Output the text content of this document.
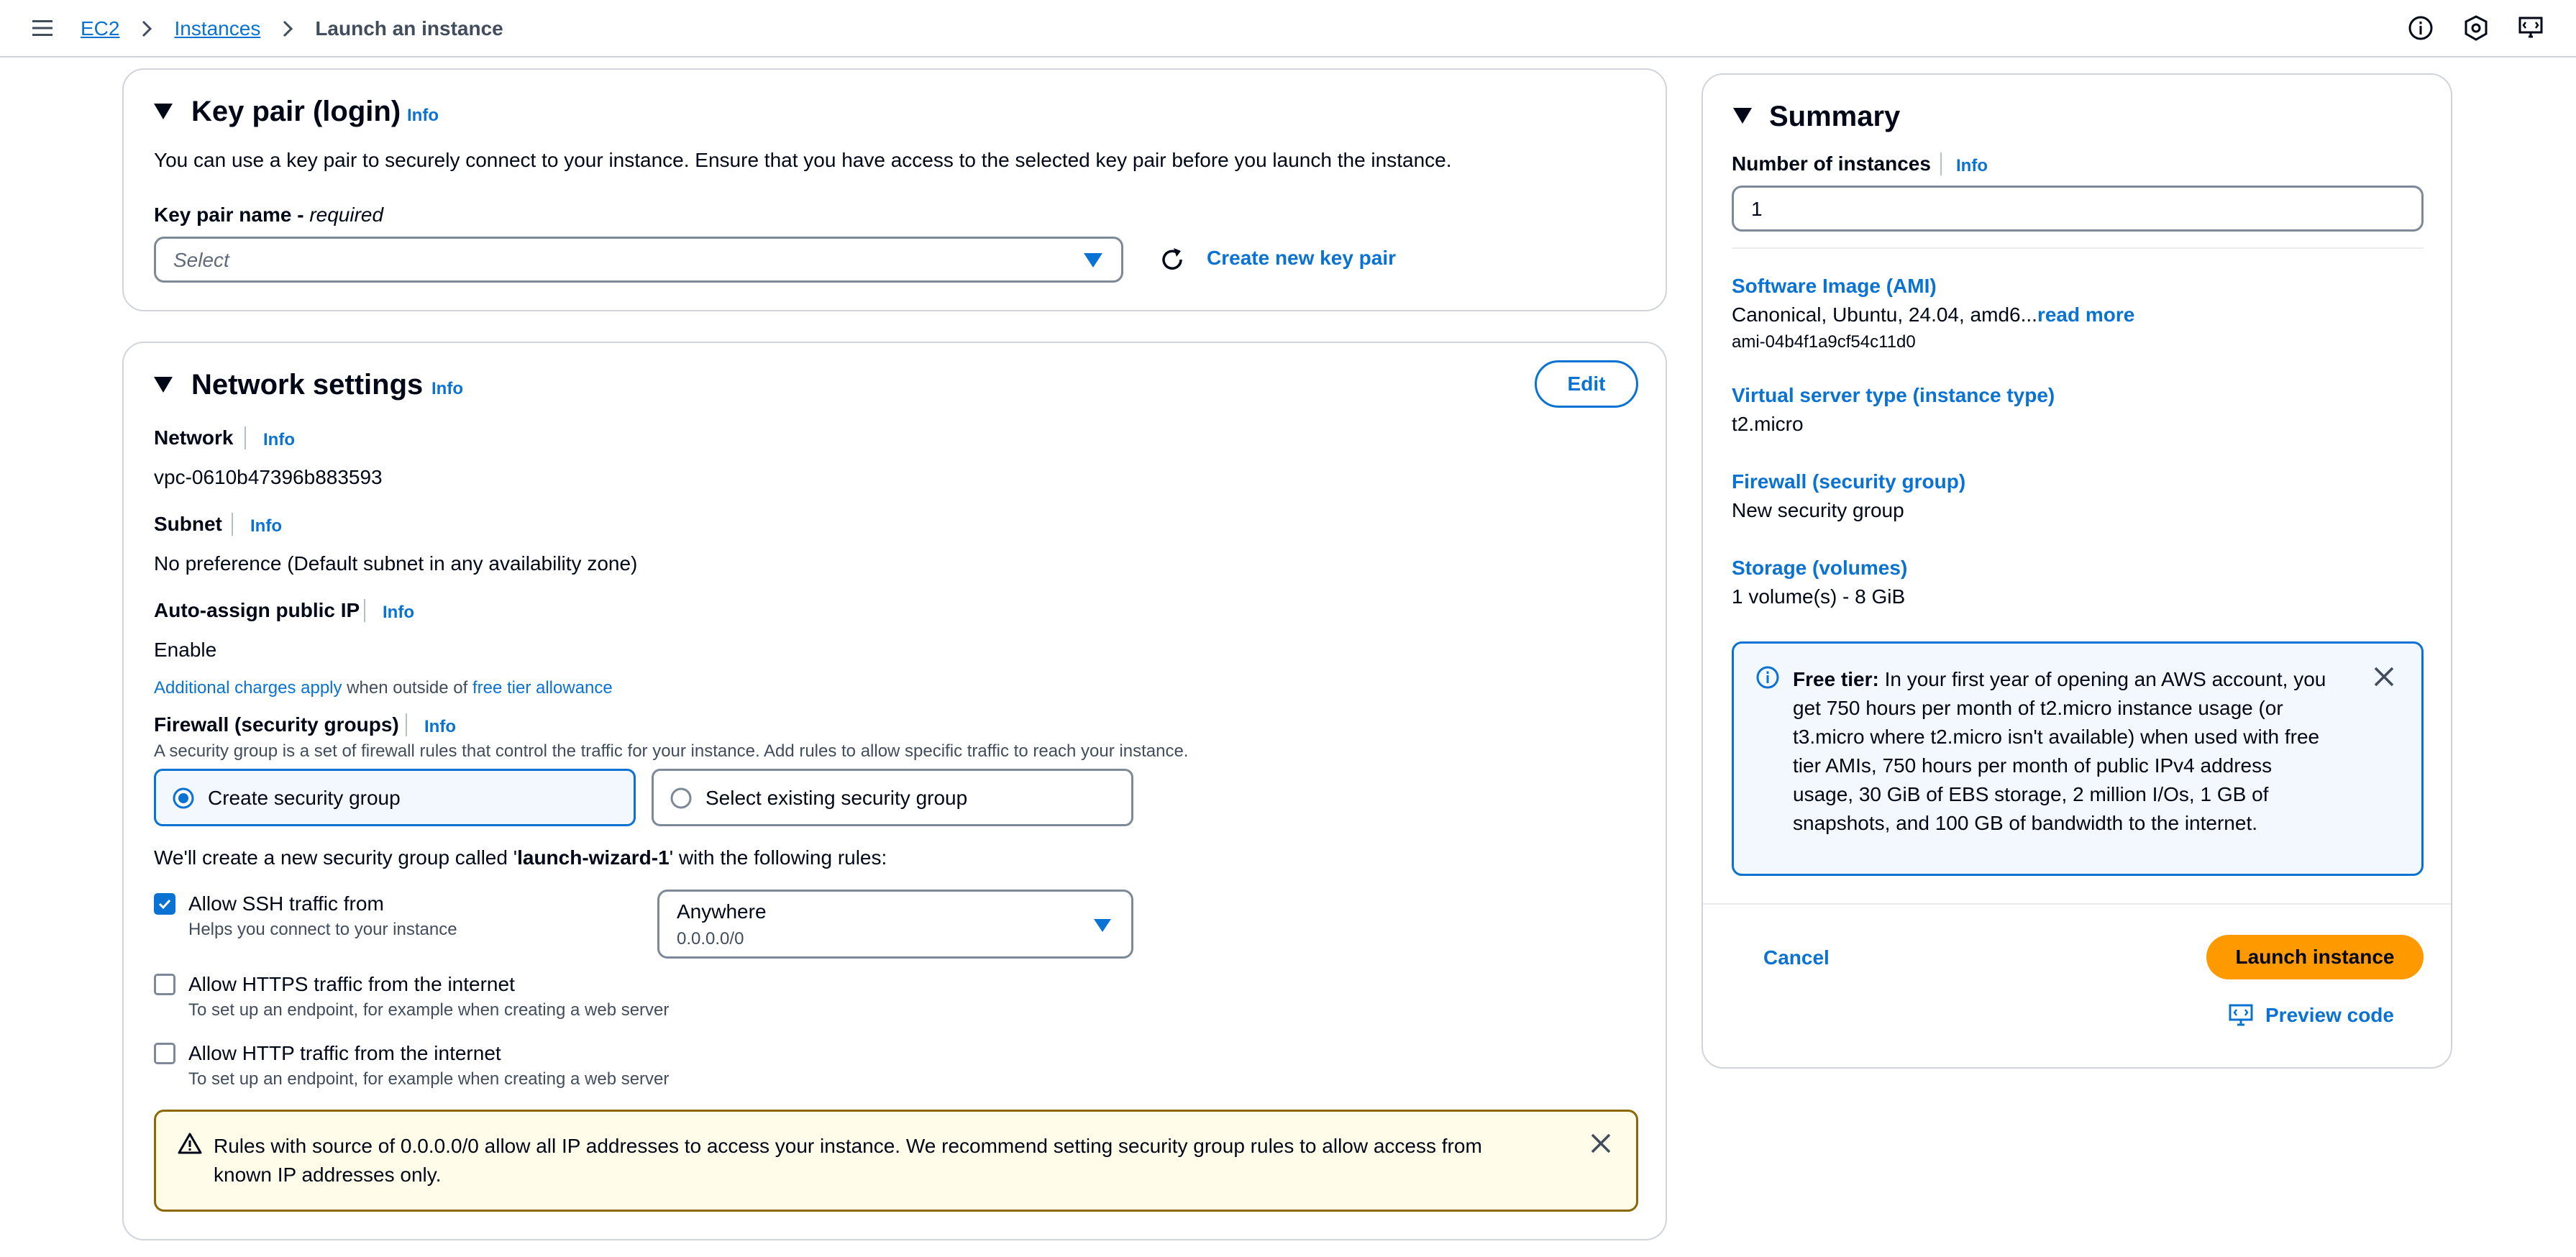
EC2	Instances	Launch an instance
Key pair (login) Info
You can use a key pair to securely connect to your instance. Ensure that you have access to the selected key pair before you launch the instance.
Key pair name - required
Select	Create new key pair
Network settings Info	Edit
Network Info
vpc-0610b47396b883593
Subnet Info
No preference (Default subnet in any availability zone)
Auto-assign public IP Info
Enable
Additional charges apply when outside of free tier allowance
Firewall (security groups) Info
A security group is a set of firewall rules that control the traffic for your instance. Add rules to allow specific traffic to reach your instance.
Create security group	Select existing security group
We'll create a new security group called 'launch-wizard-1' with the following rules:
Allow SSH traffic from
Helps you connect to your instance
Anywhere
0.0.0.0/0
Allow HTTPS traffic from the internet
To set up an endpoint, for example when creating a web server
Allow HTTP traffic from the internet
To set up an endpoint, for example when creating a web server
Rules with source of 0.0.0.0/0 allow all IP addresses to access your instance. We recommend setting security group rules to allow access from known IP addresses only.
Summary
Number of instances Info
1
Software Image (AMI)
Canonical, Ubuntu, 24.04, amd6...read more
ami-04b4f1a9cf54c11d0
Virtual server type (instance type)
t2.micro
Firewall (security group)
New security group
Storage (volumes)
1 volume(s) - 8 GiB
Free tier: In your first year of opening an AWS account, you
get 750 hours per month of t2.micro instance usage (or
t3.micro where t2.micro isn't available) when used with free
tier AMIs, 750 hours per month of public IPv4 address
usage, 30 GiB of EBS storage, 2 million I/Os, 1 GB of
snapshots, and 100 GB of bandwidth to the internet.
Cancel	Launch instance
Preview code
